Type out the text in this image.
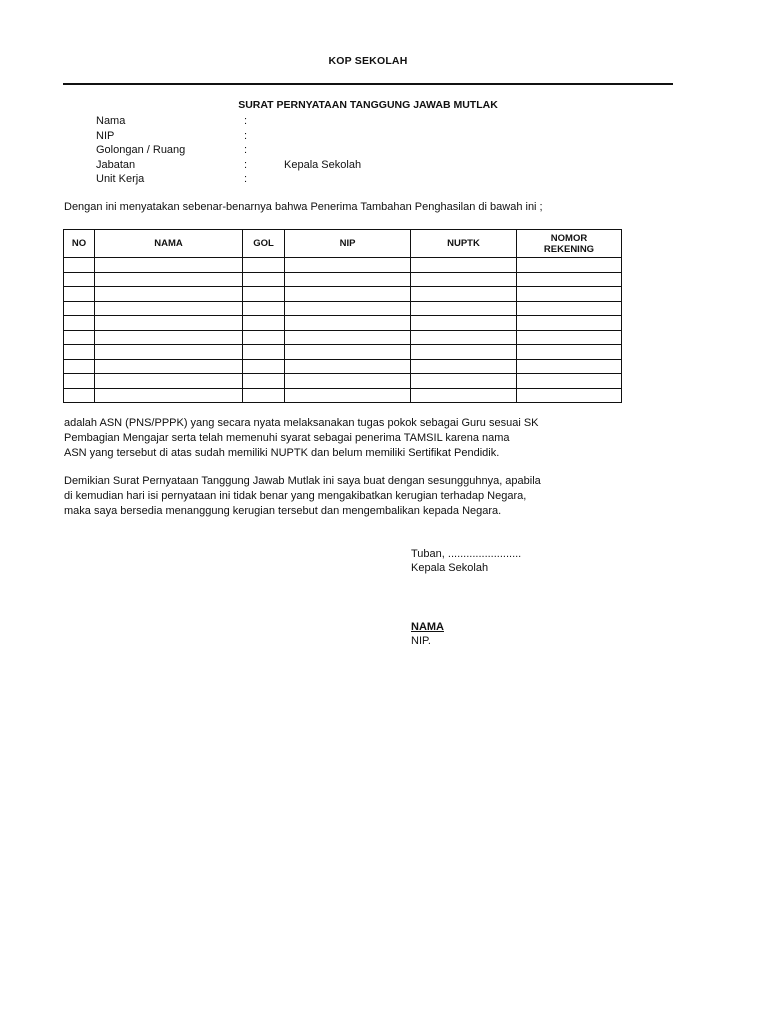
KOP SEKOLAH
SURAT PERNYATAAN TANGGUNG JAWAB MUTLAK
Nama	:
NIP	:
Golongan / Ruang	:
Jabatan	:	Kepala Sekolah
Unit Kerja	:
Dengan ini menyatakan sebenar-benarnya bahwa Penerima Tambahan Penghasilan di bawah ini ;
NO	NAMA	GOL	NIP	NUPTK	NOMOR
REKENING

adalah ASN (PNS/PPPK) yang secara nyata melaksanakan tugas pokok sebagai Guru sesuai SK
Pembagian Mengajar serta telah memenuhi syarat sebagai penerima TAMSIL karena nama
ASN yang tersebut di atas sudah memiliki NUPTK dan belum memiliki Sertifikat Pendidik.
Demikian Surat Pernyataan Tanggung Jawab Mutlak ini saya buat dengan sesungguhnya, apabila
di kemudian hari isi pernyataan ini tidak benar yang mengakibatkan kerugian terhadap Negara,
maka saya bersedia menanggung kerugian tersebut dan mengembalikan kepada Negara.
Tuban, ........................
Kepala Sekolah
NAMA
NIP.
